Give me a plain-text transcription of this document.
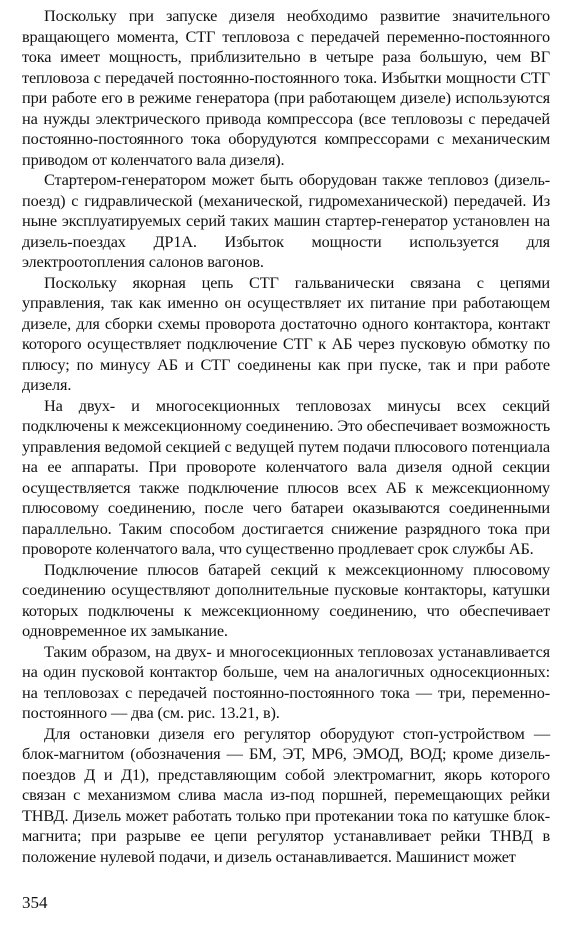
Поскольку при запуске дизеля необходимо развитие значительного вращающего момента, СТГ тепловоза с передачей переменно-постоянного тока имеет мощность, приблизительно в четыре раза большую, чем ВГ тепловоза с передачей постоянно-постоянного тока. Избытки мощности СТГ при работе его в режиме генератора (при работающем дизеле) используются на нужды электрического привода компрессора (все тепловозы с передачей постоянно-постоянного тока оборудуются компрессорами с механическим приводом от коленчатого вала дизеля).

Стартером-генератором может быть оборудован также тепловоз (дизель-поезд) с гидравлической (механической, гидромеханической) передачей. Из ныне эксплуатируемых серий таких машин стартер-генератор установлен на дизель-поездах ДР1А. Избыток мощности используется для электроотопления салонов вагонов.

Поскольку якорная цепь СТГ гальванически связана с цепями управления, так как именно он осуществляет их питание при работающем дизеле, для сборки схемы проворота достаточно одного контактора, контакт которого осуществляет подключение СТГ к АБ через пусковую обмотку по плюсу; по минусу АБ и СТГ соединены как при пуске, так и при работе дизеля.

На двух- и многосекционных тепловозах минусы всех секций подключены к межсекционному соединению. Это обеспечивает возможность управления ведомой секцией с ведущей путем подачи плюсового потенциала на ее аппараты. При провороте коленчатого вала дизеля одной секции осуществляется также подключение плюсов всех АБ к межсекционному плюсовому соединению, после чего батареи оказываются соединенными параллельно. Таким способом достигается снижение разрядного тока при провороте коленчатого вала, что существенно продлевает срок службы АБ.

Подключение плюсов батарей секций к межсекционному плюсовому соединению осуществляют дополнительные пусковые контакторы, катушки которых подключены к межсекционному соединению, что обеспечивает одновременное их замыкание.

Таким образом, на двух- и многосекционных тепловозах устанавливается на один пусковой контактор больше, чем на аналогичных односекционных: на тепловозах с передачей постоянно-постоянного тока — три, переменно-постоянного — два (см. рис. 13.21, в).

Для остановки дизеля его регулятор оборудуют стоп-устройством — блок-магнитом (обозначения — БМ, ЭТ, МР6, ЭМОД, ВОД; кроме дизель-поездов Д и Д1), представляющим собой электромагнит, якорь которого связан с механизмом слива масла из-под поршней, перемещающих рейки ТНВД. Дизель может работать только при протекании тока по катушке блок-магнита; при разрыве ее цепи регулятор устанавливает рейки ТНВД в положение нулевой подачи, и дизель останавливается. Машинист может

354
